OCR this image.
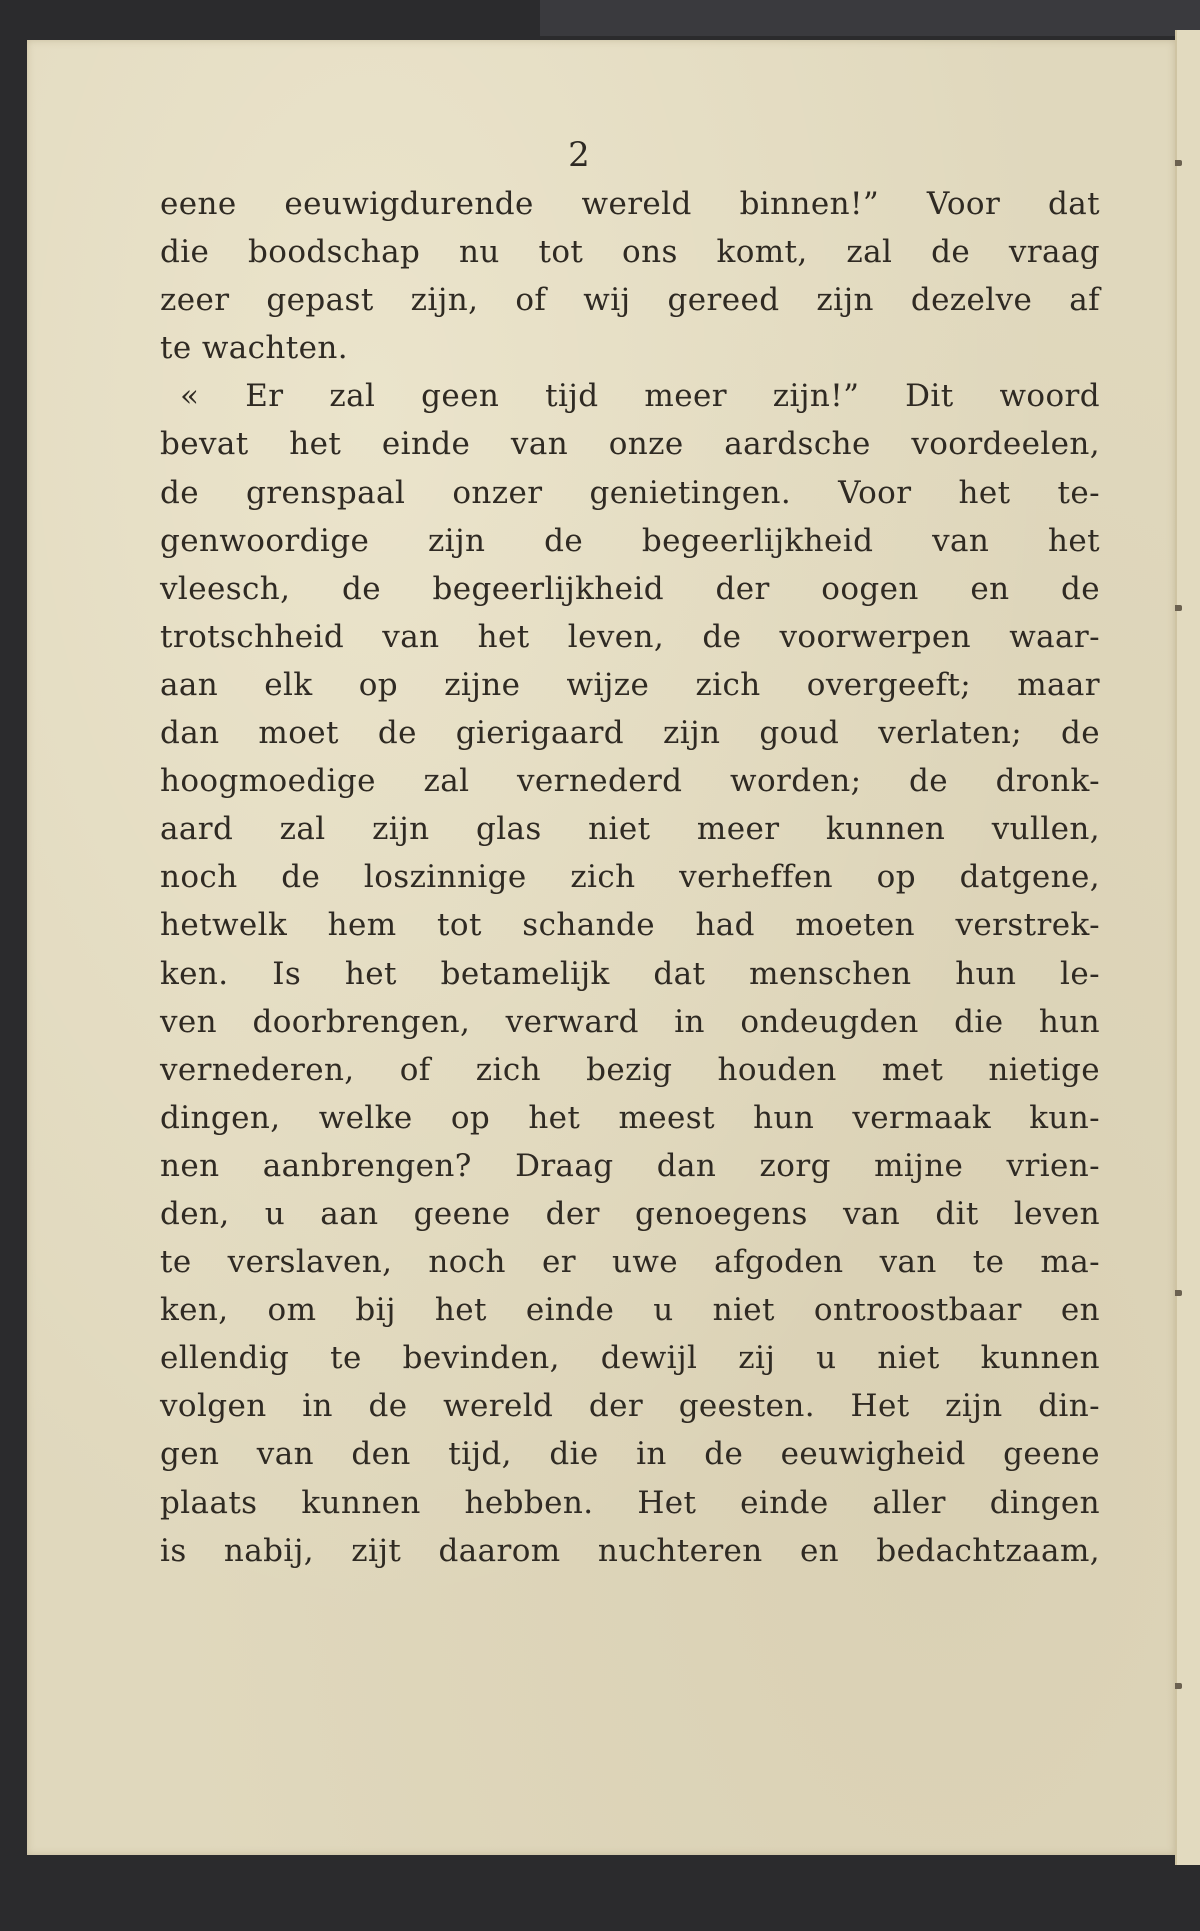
2
eene eeuwigdurende wereld binnen!” Voor dat
die boodschap nu tot ons komt, zal de vraag
zeer gepast zijn, of wij gereed zijn dezelve af
te wachten.
« Er zal geen tijd meer zijn!” Dit woord
bevat het einde van onze aardsche voordeelen,
de grenspaal onzer genietingen. Voor het te-
genwoordige zijn de begeerlijkheid van het
vleesch, de begeerlijkheid der oogen en de
trotschheid van het leven, de voorwerpen waar-
aan elk op zijne wijze zich overgeeft; maar
dan moet de gierigaard zijn goud verlaten; de
hoogmoedige zal vernederd worden; de dronk-
aard zal zijn glas niet meer kunnen vullen,
noch de loszinnige zich verheffen op datgene,
hetwelk hem tot schande had moeten verstrek-
ken. Is het betamelijk dat menschen hun le-
ven doorbrengen, verward in ondeugden die hun
vernederen, of zich bezig houden met nietige
dingen, welke op het meest hun vermaak kun-
nen aanbrengen? Draag dan zorg mijne vrien-
den, u aan geene der genoegens van dit leven
te verslaven, noch er uwe afgoden van te ma-
ken, om bij het einde u niet ontroostbaar en
ellendig te bevinden, dewijl zij u niet kunnen
volgen in de wereld der geesten. Het zijn din-
gen van den tijd, die in de eeuwigheid geene
plaats kunnen hebben. Het einde aller dingen
is nabij, zijt daarom nuchteren en bedachtzaam,
